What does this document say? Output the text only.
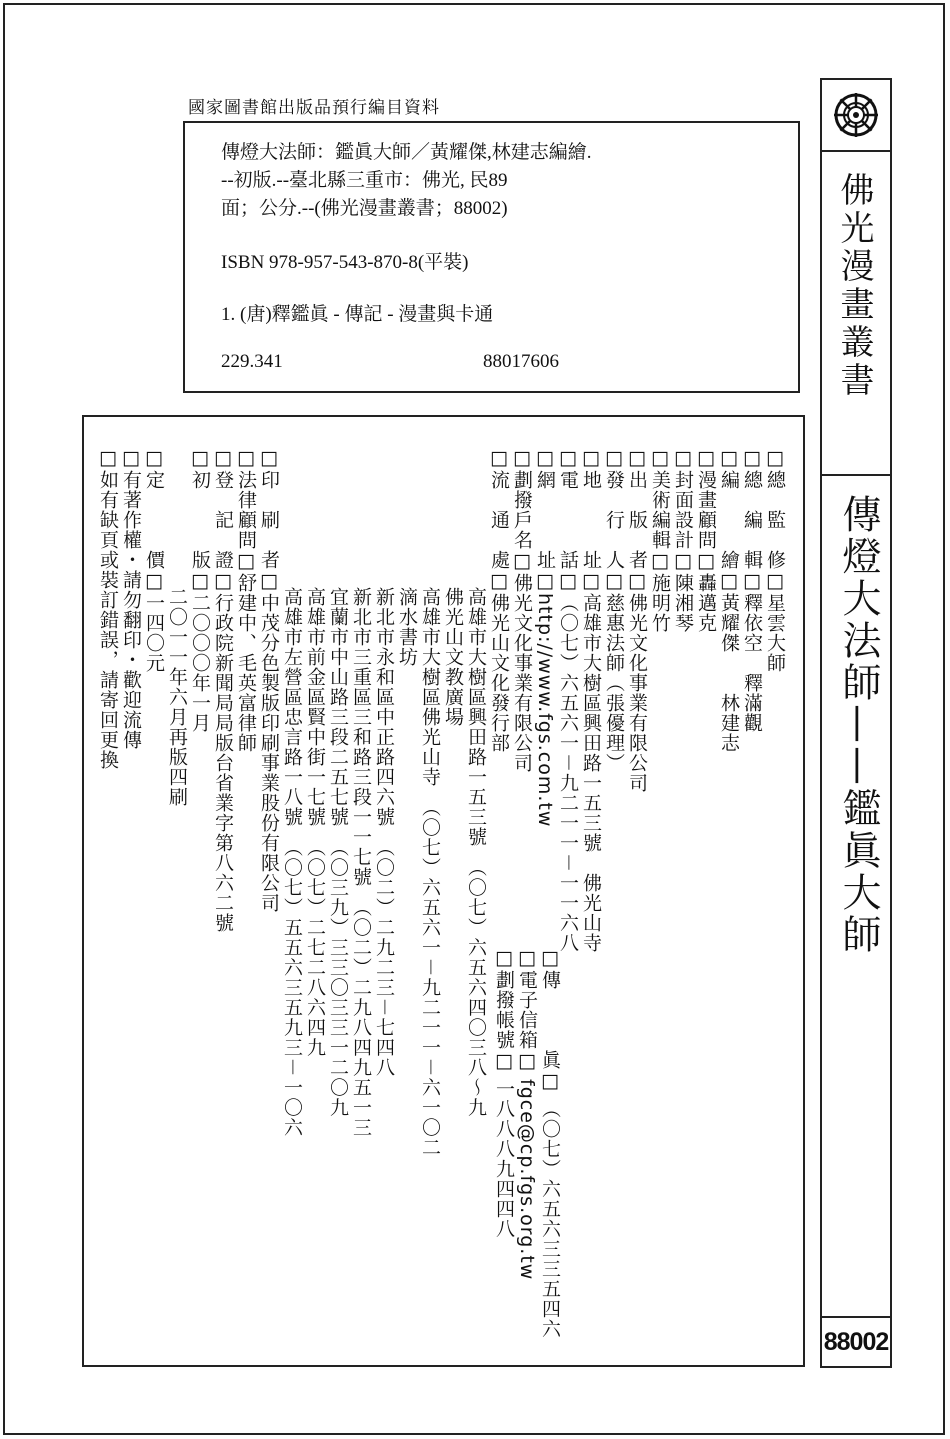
國家圖書館出版品預行編目資料
傳燈大法師：鑑眞大師／黃耀傑,林建志編繪.
--初版.--臺北縣三重市：佛光, 民89
面；公分.--(佛光漫畫叢書；88002)
ISBN 978-957-543-870-8(平裝)
1. (唐)釋鑑眞 - 傳記 - 漫畫與卡通
229.341	88017606	佛光漫畫叢書
傳燈大法師——鑑眞大師
88002
□總　監　修□星雲大師
□總　編　輯□釋依空　釋滿觀
□編　　　繪□黃耀傑　　林建志
□漫畫顧問□轟邁克
□封面設計□陳湘琴
□美術編輯□施明竹
□出　版　者□佛光文化事業有限公司
□發　行　人□慈惠法師（張優理）
□地　　　址□高雄市大樹區興田路一五三號　佛光山寺
□電　　　話□（〇七）六五六一－九二一一－一一六八
□網　　　址□http://www.fgs.com.tw
□劃撥戶名□佛光文化事業有限公司
□流　通　處□佛光山文化發行部
高雄市大樹區興田路一五三號　（〇七）六五六四〇三八～九
佛光山文教廣場
高雄市大樹區佛光山寺　（〇七）六五六一－九二一一－六一〇二
滴水書坊
新北市永和區中正路四六號　（〇二）二九二三－七四八
新北市三重區三和路三段一一七號　（〇二）二九八四九五一三
宜蘭市中山路三段二五七號　（〇三九）三三〇三三一二〇九
高雄市前金區賢中街一七號　（〇七）二七二八六四九
高雄市左營區忠言路一八號　（〇七）五五六三五九三－一〇六
□印　刷　者□中茂分色製版印刷事業股份有限公司
□法律顧問□舒建中、毛英富律師
□登　記　證□行政院新聞局局版台省業字第八六二號
□初　　　版□二〇〇〇年一月
二〇一一年六月再版四刷
□定　　　價□一四〇元
□有著作權・請勿翻印・歡迎流傳
□如有缺頁或裝訂錯誤，請寄回更換
□傳　　　眞□（〇七）六五六三三五四六
□電子信箱□fgce@cp.fgs.org.tw
□劃撥帳號□一八八八九四四八
